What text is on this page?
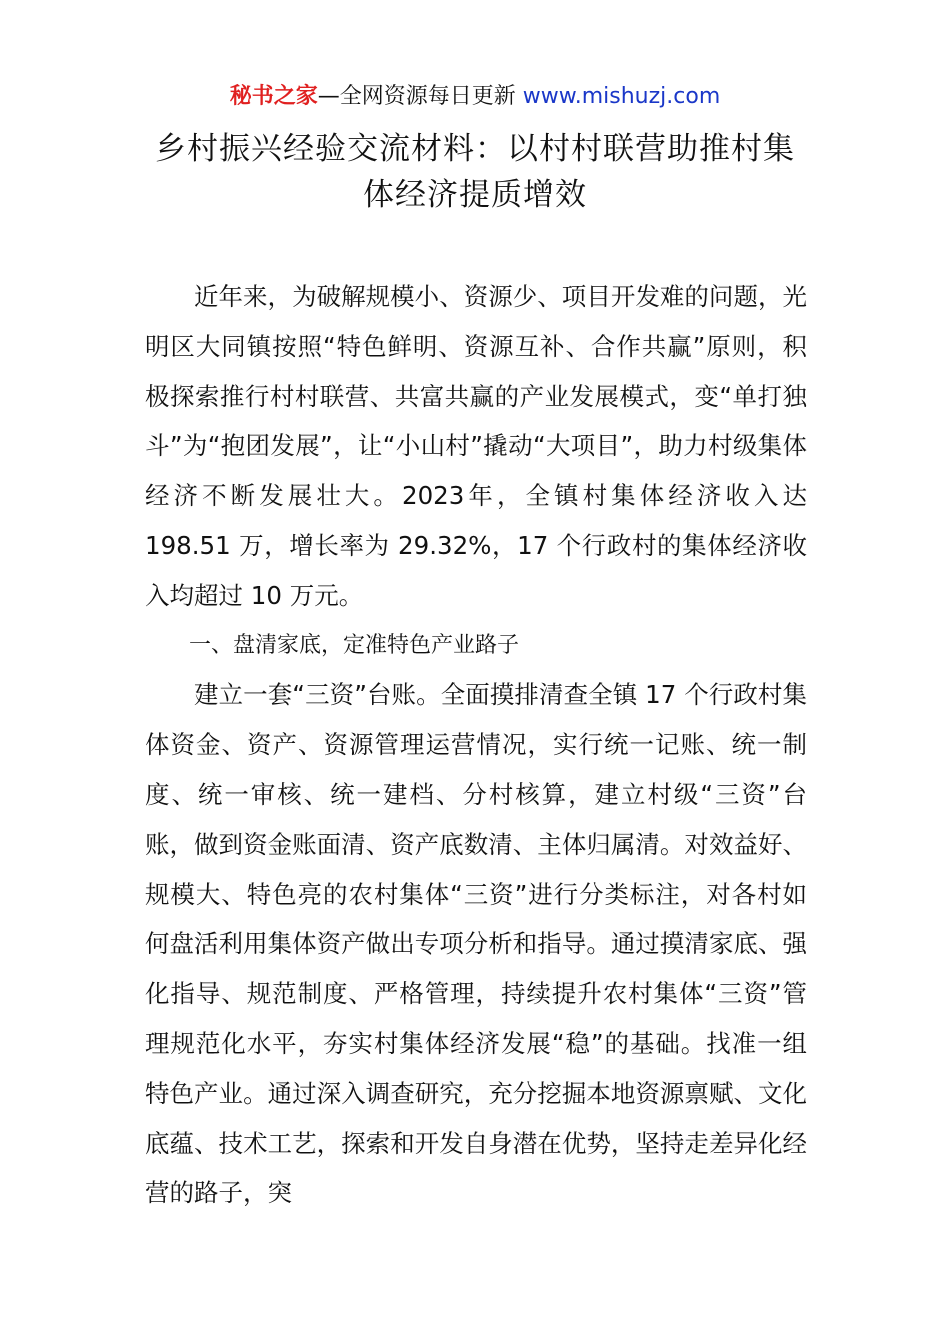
秘书之家—全网资源每日更新 www.mishuzj.com
乡村振兴经验交流材料：以村村联营助推村集
体经济提质增效

近年来，为破解规模小、资源少、项目开发难的问题，光明区大同镇按照“特色鲜明、资源互补、合作共赢”原则，积极探索推行村村联营、共富共赢的产业发展模式，变“单打独斗”为“抱团发展”，让“小山村”撬动“大项目”，助力村级集体经济不断发展壮大。2023年，全镇村集体经济收入达 198.51 万，增长率为 29.32%，17 个行政村的集体经济收入均超过 10 万元。

一、盘清家底，定准特色产业路子

建立一套“三资”台账。全面摸排清查全镇 17 个行政村集体资金、资产、资源管理运营情况，实行统一记账、统一制度、统一审核、统一建档、分村核算，建立村级“三资”台账，做到资金账面清、资产底数清、主体归属清。对效益好、规模大、特色亮的农村集体“三资”进行分类标注，对各村如何盘活利用集体资产做出专项分析和指导。通过摸清家底、强化指导、规范制度、严格管理，持续提升农村集体“三资”管理规范化水平，夯实村集体经济发展“稳”的基础。找准一组特色产业。通过深入调查研究，充分挖掘本地资源禀赋、文化底蕴、技术工艺，探索和开发自身潜在优势，坚持走差异化经营的路子，突
